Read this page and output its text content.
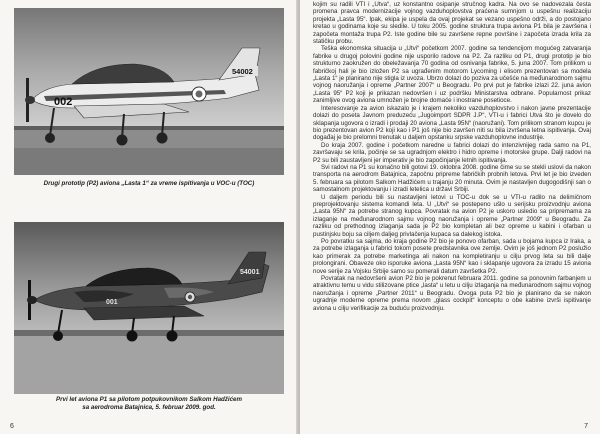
002
54002
Drugi prototip (P2) aviona „Lasta 1“ za vreme ispitivanja u VOC-u (TOC)
54001
001
Prvi let aviona P1 sa pilotom potpukovnikom Salkom Hadžićem
sa aerodroma Batajnica, 5. februar 2009. god.
6

kojim su radili VTI i „Utva“, uz konstantno osipanje stručnog kadra. Na ovo se nadovezala česta promena pravca modernizacije vojnog vazduhoplovstva praćena sumnjom u uspešnu realizaciju projekta „Lasta 95“. Ipak, ekipa je uspela da ovaj projekat se vezano uspešno održi, a do postojano kretao u godinama koje su sledile. U toku 2005. godine struktura trupa aviona P1 bila je završena i započeta montaža trupa P2. Iste godine bile su završene repne površine i započeta izrada krila za statičku probu.

Teška ekonomska situacija u „Utvi“ početkom 2007. godine sa tendencijom mogućeg zatvaranja fabrike u drugoj polovini godine nije usporilo radove na P2. Za razliku od P1, drugi prototip je bio strukturno zaokružen do obeležavanja 70 godina od osnivanja fabrike, 5. juna 2007. Tom prilikom u fabričkoj hali je bio izložen P2 sa ugrađenim motorom Lycoming i elisom prezentovan sa modela „Lasta 1“ je planirano nije stigla iz uvoza. Ubrzo dolazi do poziva za učešće na međunarodnom sajmu vojnog naoružanja i opreme „Partner 2007“ u Beogradu. Po prvi put je fabrike izlazi 22. juna avion „Lasta 95“ P2 koji je prikazan nedovršen i uz podršku Ministarstva odbrane. Popularnost prikaz zanimljive ovog aviona umnožen je brojne domaće i inostrane posetioce.

Interesovanje za avion iskazalo je i krajem nekoliko vazduhoplovstvo i nakon javne prezentacije dolazi do poseta Javnom preduzeću „Jugoimport SDPR J.P“, VTI-u i fabrici Utva što je dovelo do sklapanja ugovora o izradi i prodaji 20 aviona „Lasta 95N“ (naoružani). Tom prilikom stranom kupcu je bio prezentovan avion P2 koji kao i P1 još nije bio završen niti su bila izvršena letna ispitivanja. Ovaj događaj je bio prelomni trenutak u daljem opstanku srpske vazduhoplovne industrije.

Do kraja 2007. godine i početkom naredne u fabrici dolazi do intenzivnijeg rada samo na P1, završavaju se krila, počinje se sa ugradnjom elektro i hidro opreme i motorske grupe. Dalji radovi na P2 su bili zaustavljeni jer imperativ je bio započinjanje letnih ispitivanja.

Svi radovi na P1 su konačno bili gotovi 19. oktobra 2008. godine čime su se stekli uslovi da nakon transporta na aerodrom Batajnica, započnu pripreme fabričkih probnih letova. Prvi let je bio izveden 5. februara sa pilotom Salkom Hadžićem u trajanju 20 minuta. Ovim je nastavljen dugogodišnji san o samostalnom projektovanju i izradi letelica u državi Srbiji.

U daljem periodu bili su nastavljeni letovi u TOC-u dok se u VTI-u radilo na delimičnom preprojektovanju sistema komandi leta. U „Utvi“ se postepeno ušlo u serijsku proizvodnju aviona „Lasta 95N“ za potrebe stranog kupca. Povratak na avion P2 je uskoro usledio sa pripremama za izlaganje na međunarodnom sajmu vojnog naoružanja i opreme „Partner 2009“ u Beogradu. Za razliku od prethodnog izlaganja sada je P2 bio kompletan ali bez opreme u kabini i ofarban u pustinjsku boju sa ciljem daljeg privlačenja kupaca sa dalekog istoka.

Po povratku sa sajma, do kraja godine P2 bio je ponovo ofarban, sada u bojama kupca iz Iraka, a za potrebe izlaganja u fabrici tokom posete predstavnika ove zemlje. Ovim je još jednom P2 poslužio kao primerak za potrebe marketinga ali nakon na kompletiranju u cilju prvog leta su bili dalje prolongirani. Obaveze oko isporuke aviona „Lasta 95N“ kao i sklapanje ugovora za izradu 15 aviona nove serije za Vojsku Srbije samo su pomerali datum završetka P2.

Povratak na nedovršeni avion P2 bio je pokrenut februara 2011. godine sa ponovnim farbanjem u atraktivnu temu u vidu stilizovane ptice „lasta“ u letu u cilju izlaganja na međunarodnom sajmu vojnog naoružanja i opreme „Partner 2011“ u Beogradu. Ovoga puta P2 bio je planirano da se nakon ugradnje moderne opreme prema novom „glass cockpit“ konceptu o obe kabine izvrši ispitivanje aviona u cilju verifikacije za buduću proizvodnju.

7
